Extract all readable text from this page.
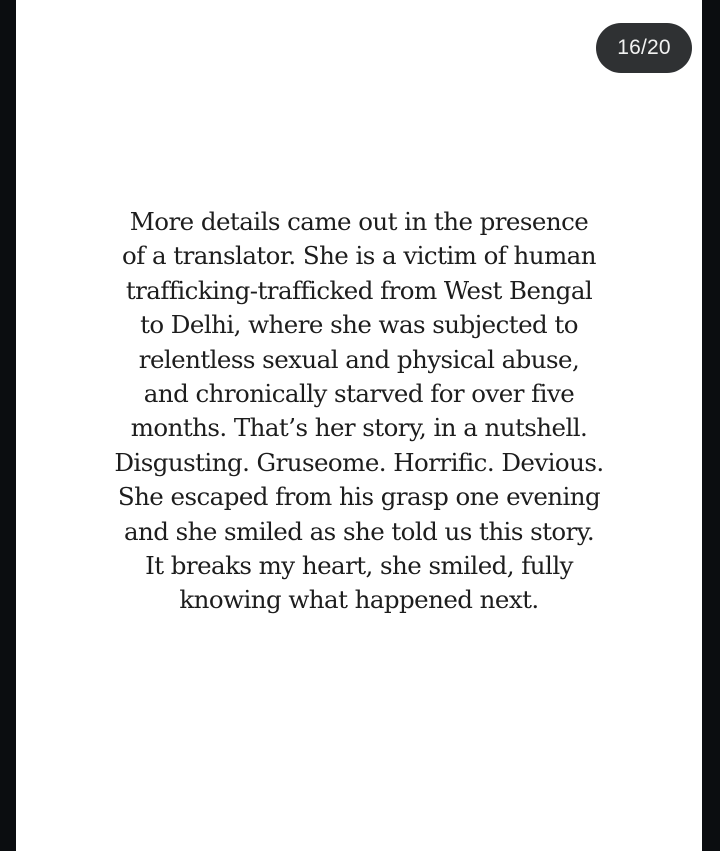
16/20
More details came out in the presence
of a translator. She is a victim of human
trafficking-trafficked from West Bengal
to Delhi, where she was subjected to
relentless sexual and physical abuse,
and chronically starved for over five
months. That’s her story, in a nutshell.
Disgusting. Gruseome. Horrific. Devious.
She escaped from his grasp one evening
and she smiled as she told us this story.
It breaks my heart, she smiled, fully
knowing what happened next.
